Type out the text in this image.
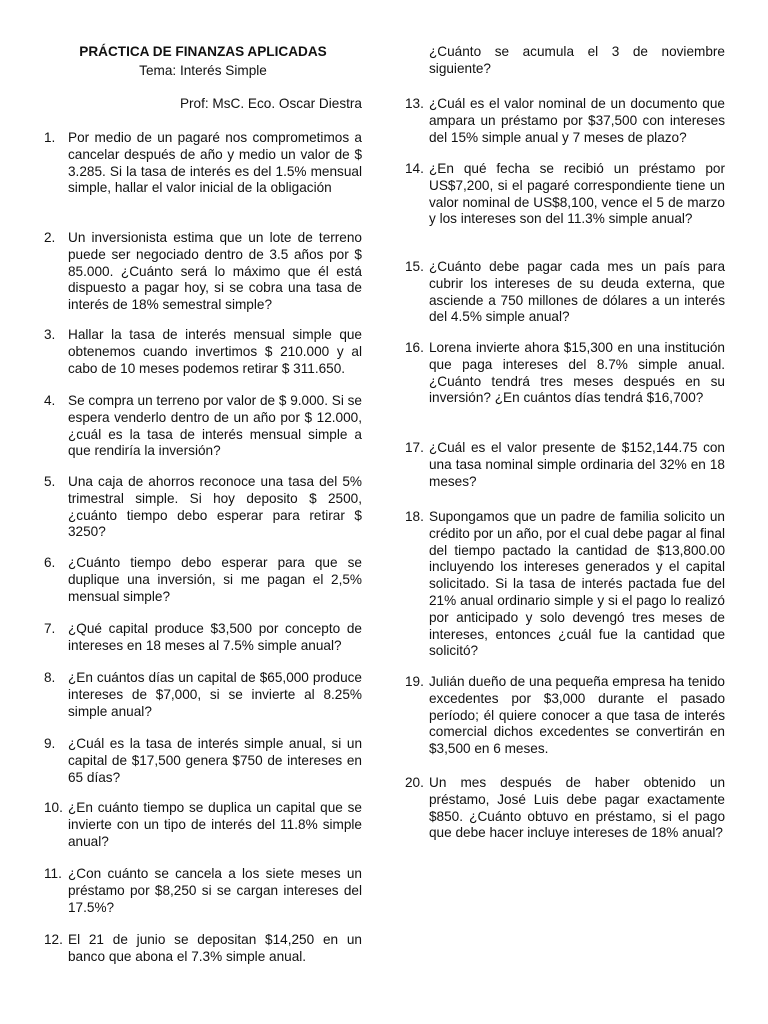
PRÁCTICA DE FINANZAS APLICADAS
Tema: Interés Simple
Prof: MsC. Eco. Oscar Diestra
1. Por medio de un pagaré nos comprometimos a cancelar después de año y medio un valor de $ 3.285. Si la tasa de interés es del 1.5% mensual simple, hallar el valor inicial de la obligación
2. Un inversionista estima que un lote de terreno puede ser negociado dentro de 3.5 años por $ 85.000. ¿Cuánto será lo máximo que él está dispuesto a pagar hoy, si se cobra una tasa de interés de 18% semestral simple?
3. Hallar la tasa de interés mensual simple que obtenemos cuando invertimos $ 210.000 y al cabo de 10 meses podemos retirar $ 311.650.
4. Se compra un terreno por valor de $ 9.000. Si se espera venderlo dentro de un año por $ 12.000, ¿cuál es la tasa de interés mensual simple a que rendiría la inversión?
5. Una caja de ahorros reconoce una tasa del 5% trimestral simple. Si hoy deposito $ 2500, ¿cuánto tiempo debo esperar para retirar $ 3250?
6. ¿Cuánto tiempo debo esperar para que se duplique una inversión, si me pagan el 2,5% mensual simple?
7. ¿Qué capital produce $3,500 por concepto de intereses en 18 meses al 7.5% simple anual?
8. ¿En cuántos días un capital de $65,000 produce intereses de $7,000, si se invierte al 8.25% simple anual?
9. ¿Cuál es la tasa de interés simple anual, si un capital de $17,500 genera $750 de intereses en 65 días?
10. ¿En cuánto tiempo se duplica un capital que se invierte con un tipo de interés del 11.8% simple anual?
11. ¿Con cuánto se cancela a los siete meses un préstamo por $8,250 si se cargan intereses del 17.5%?
12. El 21 de junio se depositan $14,250 en un banco que abona el 7.3% simple anual.
¿Cuánto se acumula el 3 de noviembre siguiente?
13. ¿Cuál es el valor nominal de un documento que ampara un préstamo por $37,500 con intereses del 15% simple anual y 7 meses de plazo?
14. ¿En qué fecha se recibió un préstamo por US$7,200, si el pagaré correspondiente tiene un valor nominal de US$8,100, vence el 5 de marzo y los intereses son del 11.3% simple anual?
15. ¿Cuánto debe pagar cada mes un país para cubrir los intereses de su deuda externa, que asciende a 750 millones de dólares a un interés del 4.5% simple anual?
16. Lorena invierte ahora $15,300 en una institución que paga intereses del 8.7% simple anual. ¿Cuánto tendrá tres meses después en su inversión? ¿En cuántos días tendrá $16,700?
17. ¿Cuál es el valor presente de $152,144.75 con una tasa nominal simple ordinaria del 32% en 18 meses?
18. Supongamos que un padre de familia solicito un crédito por un año, por el cual debe pagar al final del tiempo pactado la cantidad de $13,800.00 incluyendo los intereses generados y el capital solicitado. Si la tasa de interés pactada fue del 21% anual ordinario simple y si el pago lo realizó por anticipado y solo devengó tres meses de intereses, entonces ¿cuál fue la cantidad que solicitó?
19. Julián dueño de una pequeña empresa ha tenido excedentes por $3,000 durante el pasado período; él quiere conocer a que tasa de interés comercial dichos excedentes se convertirán en $3,500 en 6 meses.
20. Un mes después de haber obtenido un préstamo, José Luis debe pagar exactamente $850. ¿Cuánto obtuvo en préstamo, si el pago que debe hacer incluye intereses de 18% anual?
